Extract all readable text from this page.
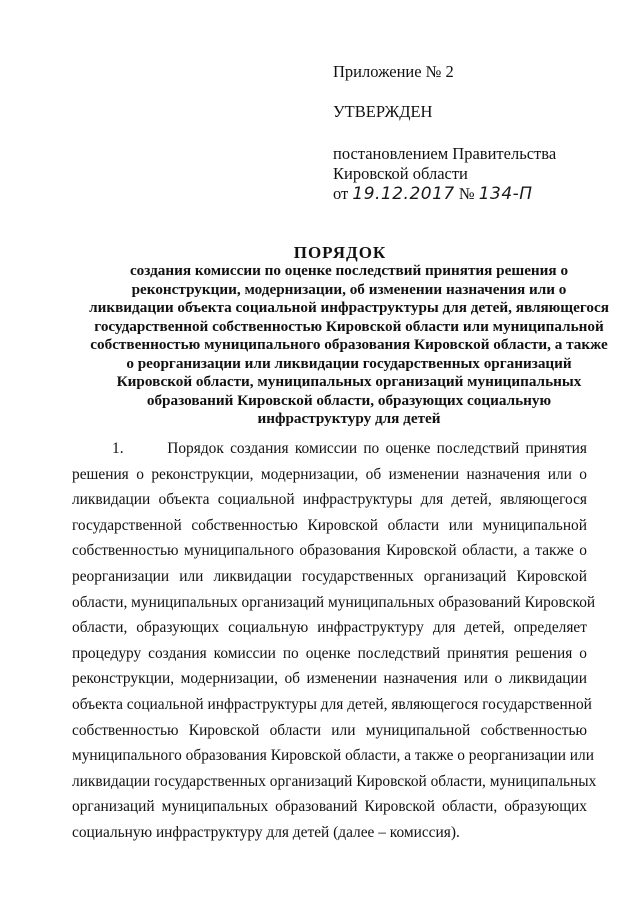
Приложение № 2
УТВЕРЖДЕН
постановлением Правительства
Кировской области
от 19.12.2017 № 134-П
ПОРЯДОК
создания комиссии по оценке последствий принятия решения о
реконструкции, модернизации, об изменении назначения или о
ликвидации объекта социальной инфраструктуры для детей, являющегося
государственной собственностью Кировской области или муниципальной
собственностью муниципального образования Кировской области, а также
о реорганизации или ликвидации государственных организаций
Кировской области, муниципальных организаций муниципальных
образований Кировской области, образующих социальную
инфраструктуру для детей
1.	Порядок создания комиссии по оценке последствий принятия
решения о реконструкции, модернизации, об изменении назначения или о
ликвидации объекта социальной инфраструктуры для детей, являющегося
государственной собственностью Кировской области или муниципальной
собственностью муниципального образования Кировской области, а также о
реорганизации или ликвидации государственных организаций Кировской
области, муниципальных организаций муниципальных образований Кировской
области, образующих социальную инфраструктуру для детей, определяет
процедуру создания комиссии по оценке последствий принятия решения о
реконструкции, модернизации, об изменении назначения или о ликвидации
объекта социальной инфраструктуры для детей, являющегося государственной
собственностью Кировской области или муниципальной собственностью
муниципального образования Кировской области, а также о реорганизации или
ликвидации государственных организаций Кировской области, муниципальных
организаций муниципальных образований Кировской области, образующих
социальную инфраструктуру для детей (далее – комиссия).
